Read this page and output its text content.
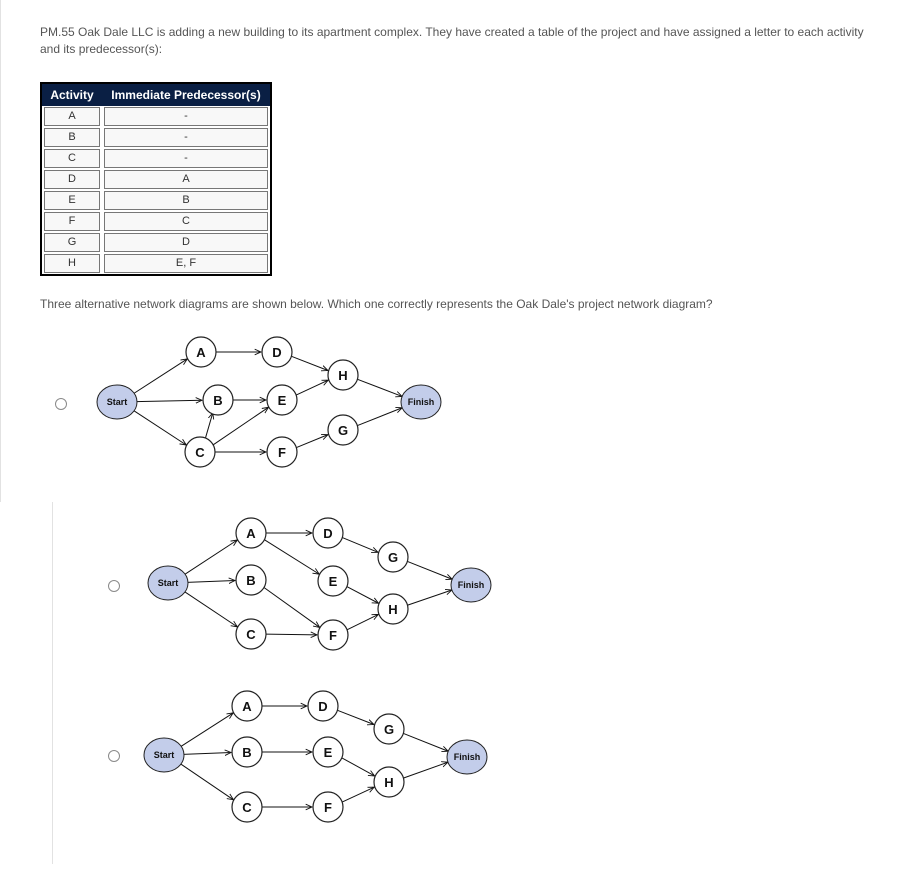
PM.55 Oak Dale LLC is adding a new building to its apartment complex. They have created a table of the project and have assigned a letter to each activity and its predecessor(s):
Activity	Immediate Predecessor(s)

A	-

B	-

C	-

D	A

E	B

F	C

G	D

H	E, F
Three alternative network diagrams are shown below. Which one correctly represents the Oak Dale's project network diagram?
Start
A
B
C
D
E
F
H
G
Finish
Start
A
B
C
D
E
F
G
H
Finish
Start
A
B
C
D
E
F
G
H
Finish
